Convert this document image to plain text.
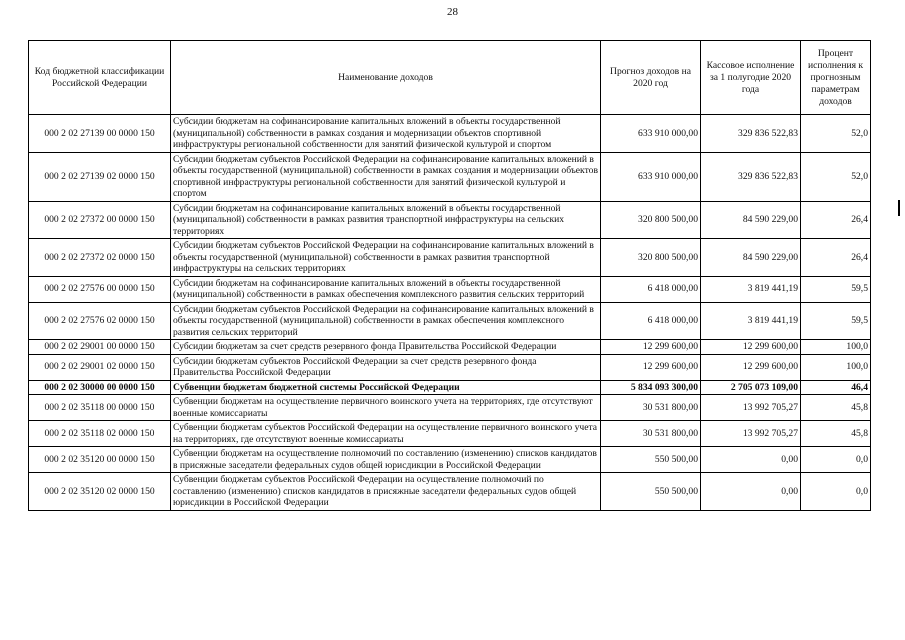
28
Код бюджетной классификации Российской Федерации	Наименование доходов	Прогноз доходов на 2020 год	Кассовое исполнение за 1 полугодие 2020 года	Процент исполнения к прогнозным параметрам доходов
000 2 02 27139 00 0000 150	Субсидии бюджетам на софинансирование капитальных вложений в объекты государственной (муниципальной) собственности в рамках создания и модернизации объектов спортивной инфраструктуры региональной собственности для занятий физической культурой и спортом	633 910 000,00	329 836 522,83	52,0
000 2 02 27139 02 0000 150	Субсидии бюджетам субъектов Российской Федерации на софинансирование капитальных вложений в объекты государственной (муниципальной) собственности в рамках создания и модернизации объектов спортивной инфраструктуры региональной собственности для занятий физической культурой и спортом	633 910 000,00	329 836 522,83	52,0
000 2 02 27372 00 0000 150	Субсидии бюджетам на софинансирование капитальных вложений в объекты государственной (муниципальной) собственности в рамках развития транспортной инфраструктуры на сельских территориях	320 800 500,00	84 590 229,00	26,4
000 2 02 27372 02 0000 150	Субсидии бюджетам субъектов Российской Федерации на софинансирование капитальных вложений в объекты государственной (муниципальной) собственности в рамках развития транспортной инфраструктуры на сельских территориях	320 800 500,00	84 590 229,00	26,4
000 2 02 27576 00 0000 150	Субсидии бюджетам на софинансирование капитальных вложений в объекты государственной (муниципальной) собственности в рамках обеспечения комплексного развития сельских территорий	6 418 000,00	3 819 441,19	59,5
000 2 02 27576 02 0000 150	Субсидии бюджетам субъектов Российской Федерации на софинансирование капитальных вложений в объекты государственной (муниципальной) собственности в рамках обеспечения комплексного развития сельских территорий	6 418 000,00	3 819 441,19	59,5
000 2 02 29001 00 0000 150	Субсидии бюджетам за счет средств резервного фонда Правительства Российской Федерации	12 299 600,00	12 299 600,00	100,0
000 2 02 29001 02 0000 150	Субсидии бюджетам субъектов Российской Федерации за счет средств резервного фонда Правительства Российской Федерации	12 299 600,00	12 299 600,00	100,0
000 2 02 30000 00 0000 150	Субвенции бюджетам бюджетной системы Российской Федерации	5 834 093 300,00	2 705 073 109,00	46,4
000 2 02 35118 00 0000 150	Субвенции бюджетам на осуществление первичного воинского учета на территориях, где отсутствуют военные комиссариаты	30 531 800,00	13 992 705,27	45,8
000 2 02 35118 02 0000 150	Субвенции бюджетам субъектов Российской Федерации на осуществление первичного воинского учета на территориях, где отсутствуют военные комиссариаты	30 531 800,00	13 992 705,27	45,8
000 2 02 35120 00 0000 150	Субвенции бюджетам на осуществление полномочий по составлению (изменению) списков кандидатов в присяжные заседатели федеральных судов общей юрисдикции в Российской Федерации	550 500,00	0,00	0,0
000 2 02 35120 02 0000 150	Субвенции бюджетам субъектов Российской Федерации на осуществление полномочий по составлению (изменению) списков кандидатов в присяжные заседатели федеральных судов общей юрисдикции в Российской Федерации	550 500,00	0,00	0,0
